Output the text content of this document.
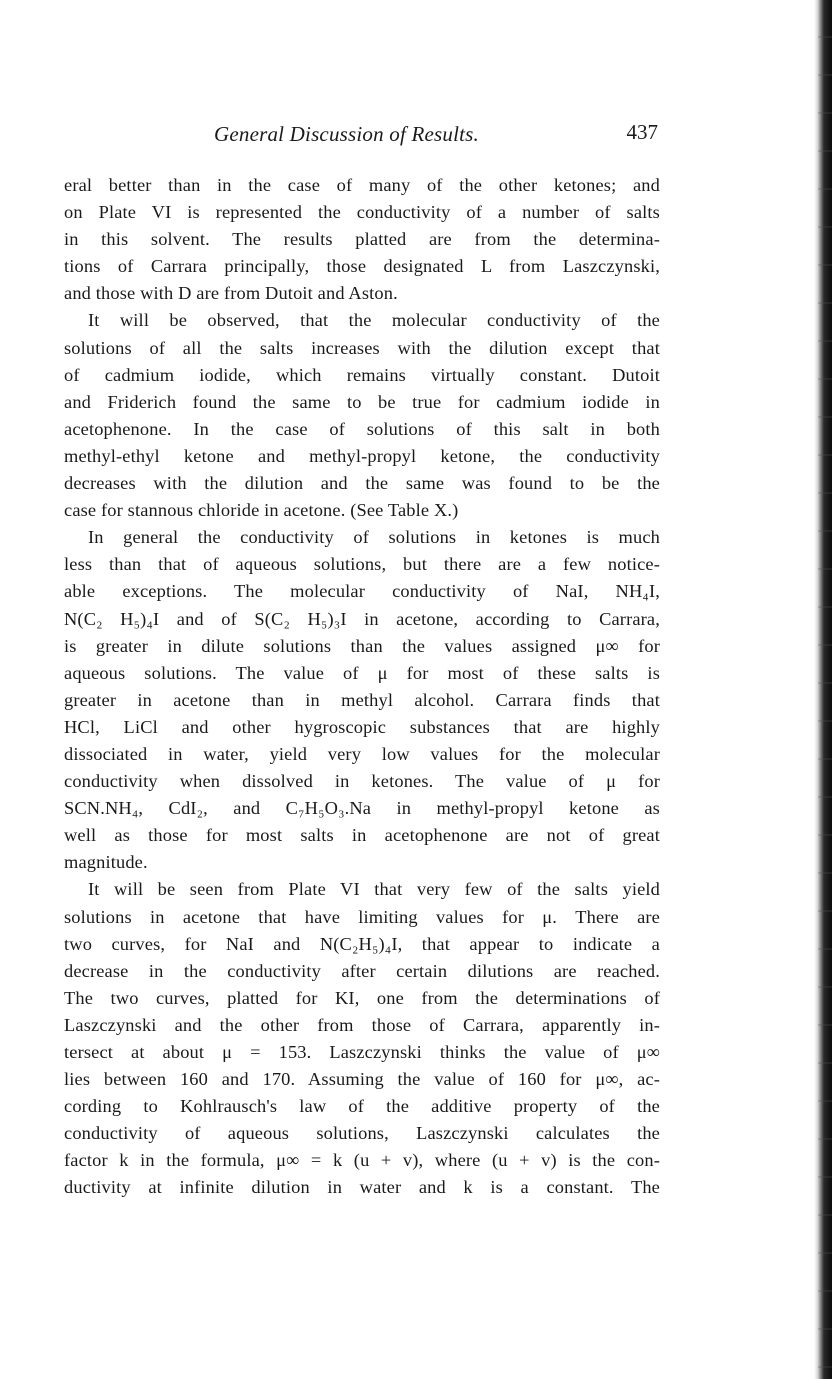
General Discussion of Results.	437

eral better than in the case of many of the other ketones; and

on Plate VI is represented the conductivity of a number of salts

in this solvent. The results platted are from the determina-

tions of Carrara principally, those designated L from Laszczynski,

and those with D are from Dutoit and Aston.

It will be observed, that the molecular conductivity of the

solutions of all the salts increases with the dilution except that

of cadmium iodide, which remains virtually constant. Dutoit

and Friderich found the same to be true for cadmium iodide in

acetophenone. In the case of solutions of this salt in both

methyl-ethyl ketone and methyl-propyl ketone, the conductivity

decreases with the dilution and the same was found to be the

case for stannous chloride in acetone. (See Table X.)

In general the conductivity of solutions in ketones is much

less than that of aqueous solutions, but there are a few notice-

able exceptions. The molecular conductivity of NaI, NH₄I,

N(C₂ H₅)₄I and of S(C₂ H₅)₃I in acetone, according to Carrara,

is greater in dilute solutions than the values assigned μ∞ for

aqueous solutions. The value of μ for most of these salts is

greater in acetone than in methyl alcohol. Carrara finds that

HCl, LiCl and other hygroscopic substances that are highly

dissociated in water, yield very low values for the molecular

conductivity when dissolved in ketones. The value of μ for

SCN.NH₄, CdI₂, and C₇H₅O₃.Na in methyl-propyl ketone as

well as those for most salts in acetophenone are not of great

magnitude.

It will be seen from Plate VI that very few of the salts yield

solutions in acetone that have limiting values for μ. There are

two curves, for NaI and N(C₂H₅)₄I, that appear to indicate a

decrease in the conductivity after certain dilutions are reached.

The two curves, platted for KI, one from the determinations of

Laszczynski and the other from those of Carrara, apparently in-

tersect at about μ = 153. Laszczynski thinks the value of μ∞

lies between 160 and 170. Assuming the value of 160 for μ∞, ac-

cording to Kohlrausch's law of the additive property of the

conductivity of aqueous solutions, Laszczynski calculates the

factor k in the formula, μ∞ = k (u + v), where (u + v) is the con-

ductivity at infinite dilution in water and k is a constant. The
